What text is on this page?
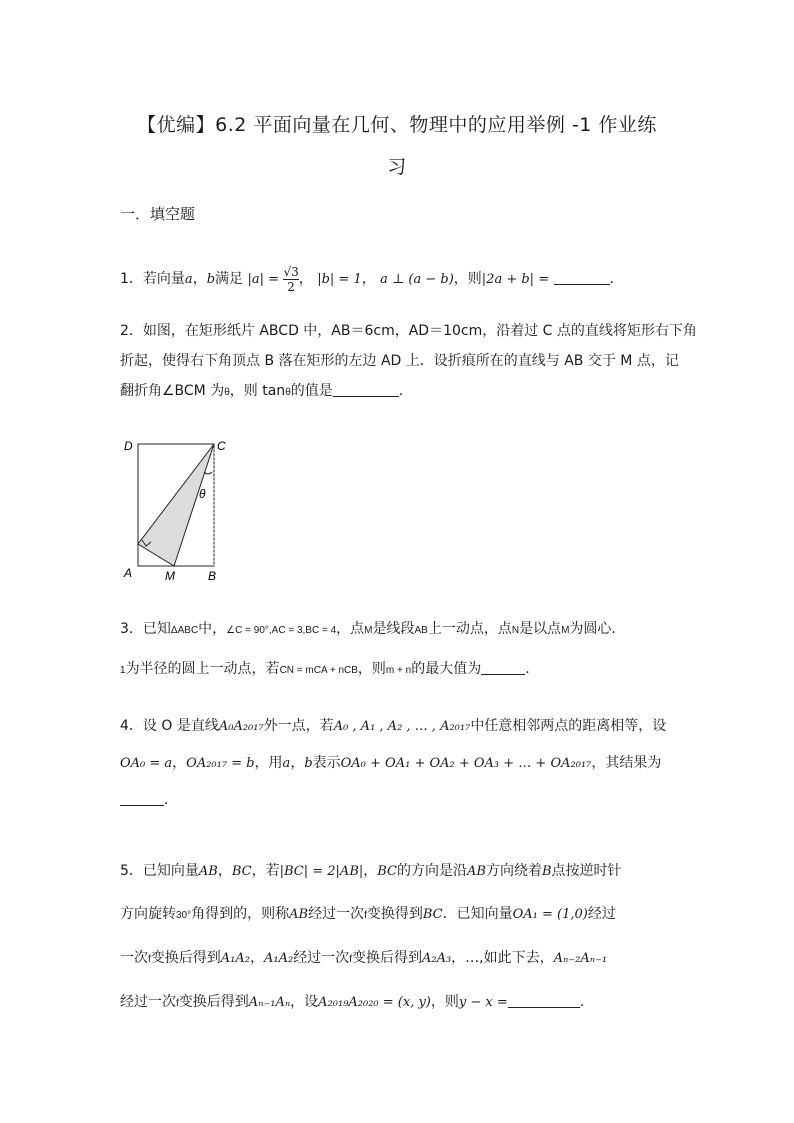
【优编】6.2 平面向量在几何、物理中的应用举例 -1 作业练
习
一．填空题
1．若向量a，b满足 $|a| = \frac{√3}{2}$ ， |b| = 1， a ⊥ (a − b)，则|2a + b| =	.
2．如图，在矩形纸片 ABCD 中，AB＝6cm，AD＝10cm，沿着过 C 点的直线将矩形右下角
折起，使得右下角顶点 B 落在矩形的左边 AD 上．设折痕所在的直线与 AB 交于 M 点，记
翻折角∠BCM 为θ，则 tanθ的值是	.
D	C
A	M	B
θ
3．已知ΔABC中，∠C = 90°,AC = 3,BC = 4，点M是线段AB上一动点，点N是以点M为圆心．
1为半径的圆上一动点，若CN = mCA + nCB，则m + n的最大值为	.
4．设 O 是直线A₀A₂₀₁₇外一点，若A₀ , A₁ , A₂ , … , A₂₀₁₇中任意相邻两点的距离相等，设
OA₀ = a，OA₂₀₁₇ = b，用a，b表示OA₀ + OA₁ + OA₂ + OA₃ + … + OA₂₀₁₇，其结果为
.
5．已知向量AB，BC，若|BC| = 2|AB|，BC的方向是沿AB方向绕着B点按逆时针
方向旋转30°角得到的，则称AB经过一次f变换得到BC．已知向量OA₁ = (1,0)经过
一次f变换后得到A₁A₂，A₁A₂经过一次f变换后得到A₂A₃，…,如此下去，Aₙ₋₂Aₙ₋₁
经过一次f变换后得到Aₙ₋₁Aₙ，设A₂₀₁₉A₂₀₂₀ = (x, y)，则y − x =	.
